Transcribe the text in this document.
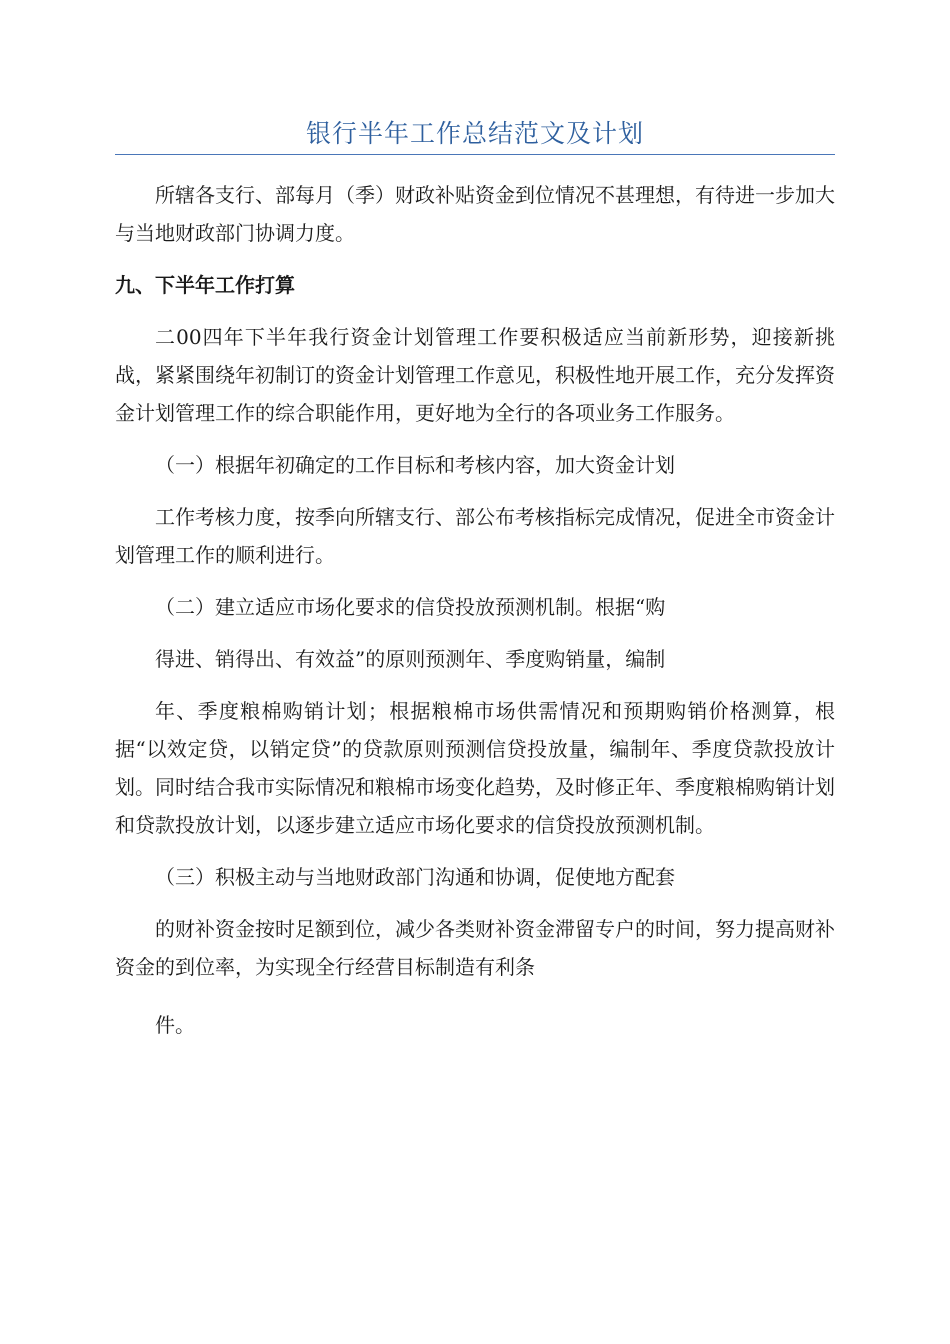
银行半年工作总结范文及计划

所辖各支行、部每月（季）财政补贴资金到位情况不甚理想，有待进一步加大与当地财政部门协调力度。

九、下半年工作打算

二00四年下半年我行资金计划管理工作要积极适应当前新形势，迎接新挑战，紧紧围绕年初制订的资金计划管理工作意见，积极性地开展工作，充分发挥资金计划管理工作的综合职能作用，更好地为全行的各项业务工作服务。

（一）根据年初确定的工作目标和考核内容，加大资金计划

工作考核力度，按季向所辖支行、部公布考核指标完成情况，促进全市资金计划管理工作的顺利进行。

（二）建立适应市场化要求的信贷投放预测机制。根据“购

得进、销得出、有效益”的原则预测年、季度购销量，编制

年、季度粮棉购销计划；根据粮棉市场供需情况和预期购销价格测算，根据“以效定贷，以销定贷”的贷款原则预测信贷投放量，编制年、季度贷款投放计划。同时结合我市实际情况和粮棉市场变化趋势，及时修正年、季度粮棉购销计划和贷款投放计划，以逐步建立适应市场化要求的信贷投放预测机制。

（三）积极主动与当地财政部门沟通和协调，促使地方配套

的财补资金按时足额到位，减少各类财补资金滞留专户的时间，努力提高财补资金的到位率，为实现全行经营目标制造有利条

件。
